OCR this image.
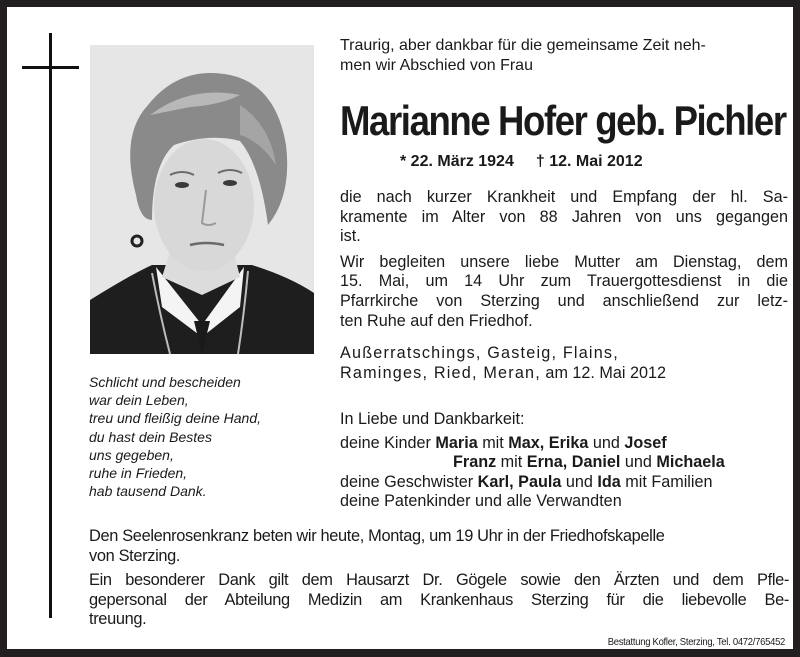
Schlicht und bescheiden
war dein Leben,
treu und fleißig deine Hand,
du hast dein Bestes
uns gegeben,
ruhe in Frieden,
hab tausend Dank.
Traurig, aber dankbar für die gemeinsame Zeit neh-
men wir Abschied von Frau
Marianne Hofer geb. Pichler
* 22. März 1924 † 12. Mai 2012
die nach kurzer Krankheit und Empfang der hl. Sa-
kramente im Alter von 88 Jahren von uns gegangen
ist.
Wir begleiten unsere liebe Mutter am Dienstag, dem
15. Mai, um 14 Uhr zum Trauergottesdienst in die
Pfarrkirche von Sterzing und anschließend zur letz-
ten Ruhe auf den Friedhof.
Außerratschings, Gasteig, Flains,
Raminges, Ried, Meran, am 12. Mai 2012
In Liebe und Dankbarkeit:
deine Kinder Maria mit Max, Erika und Josef
Franz mit Erna, Daniel und Michaela
deine Geschwister Karl, Paula und Ida mit Familien
deine Patenkinder und alle Verwandten
Den Seelenrosenkranz beten wir heute, Montag, um 19 Uhr in der Friedhofskapelle
von Sterzing.
Ein besonderer Dank gilt dem Hausarzt Dr. Gögele sowie den Ärzten und dem Pfle-
gepersonal der Abteilung Medizin am Krankenhaus Sterzing für die liebevolle Be-
treuung.
Bestattung Kofler, Sterzing, Tel. 0472/765452
